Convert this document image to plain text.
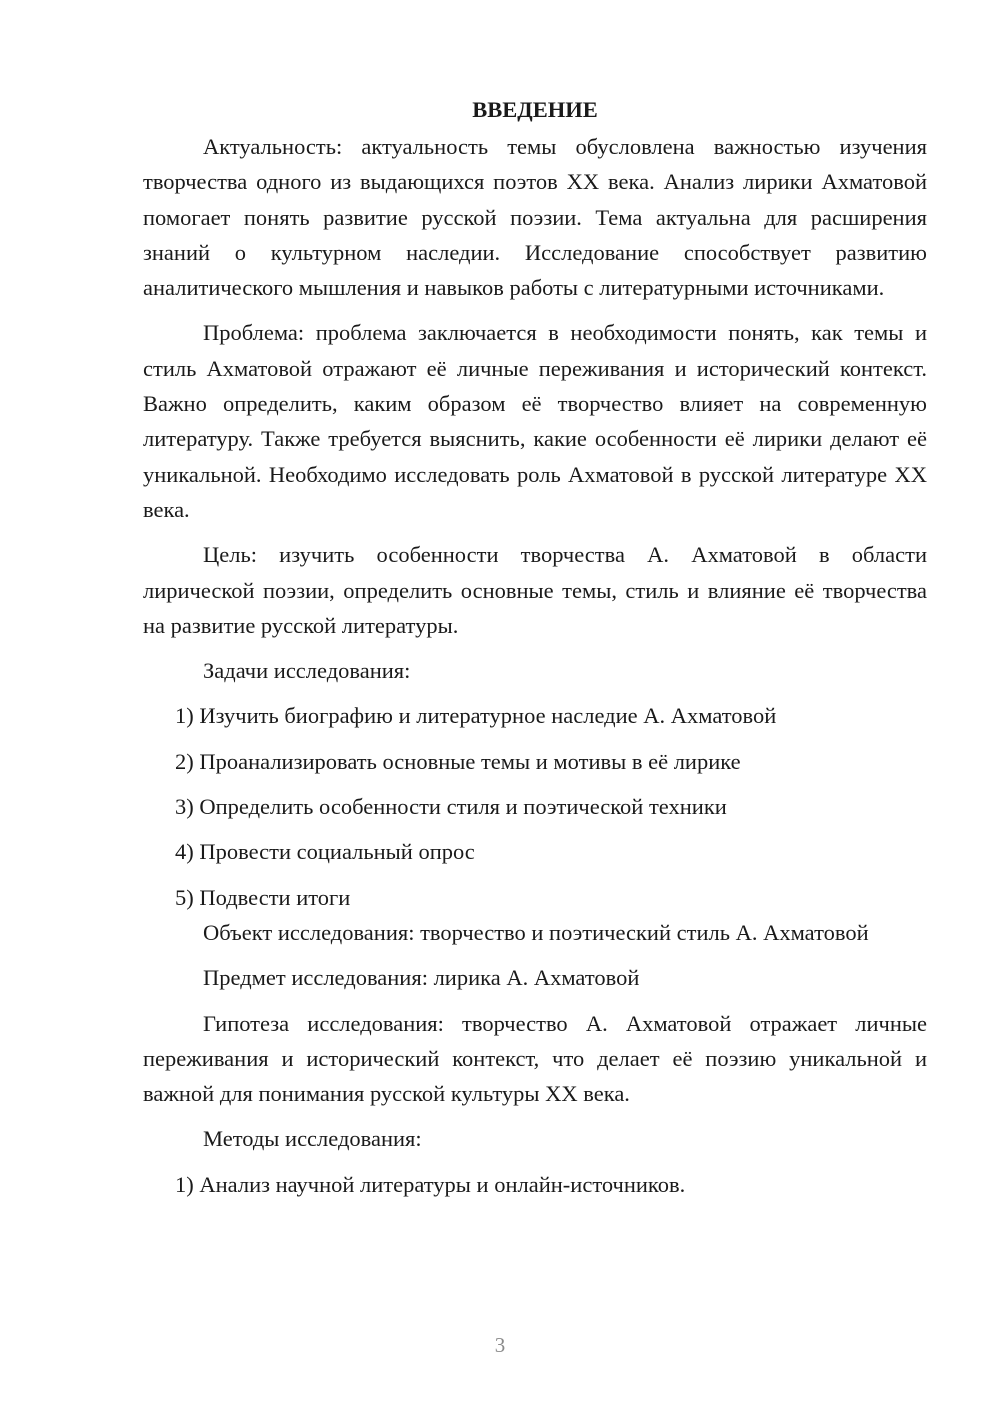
ВВЕДЕНИЕ

Актуальность: актуальность темы обусловлена важностью изучения творчества одного из выдающихся поэтов XX века. Анализ лирики Ахматовой помогает понять развитие русской поэзии. Тема актуальна для расширения знаний о культурном наследии. Исследование способствует развитию аналитического мышления и навыков работы с литературными источниками.

Проблема: проблема заключается в необходимости понять, как темы и стиль Ахматовой отражают её личные переживания и исторический контекст. Важно определить, каким образом её творчество влияет на современную литературу. Также требуется выяснить, какие особенности её лирики делают её уникальной. Необходимо исследовать роль Ахматовой в русской литературе XX века.

Цель: изучить особенности творчества А. Ахматовой в области лирической поэзии, определить основные темы, стиль и влияние её творчества на развитие русской литературы.

Задачи исследования:

1) Изучить биографию и литературное наследие А. Ахматовой

2) Проанализировать основные темы и мотивы в её лирике

3) Определить особенности стиля и поэтической техники

4) Провести социальный опрос

5) Подвести итоги

Объект исследования: творчество и поэтический стиль А. Ахматовой

Предмет исследования: лирика А. Ахматовой

Гипотеза исследования: творчество А. Ахматовой отражает личные переживания и исторический контекст, что делает её поэзию уникальной и важной для понимания русской культуры XX века.

Методы исследования:

1) Анализ научной литературы и онлайн-источников.

3
